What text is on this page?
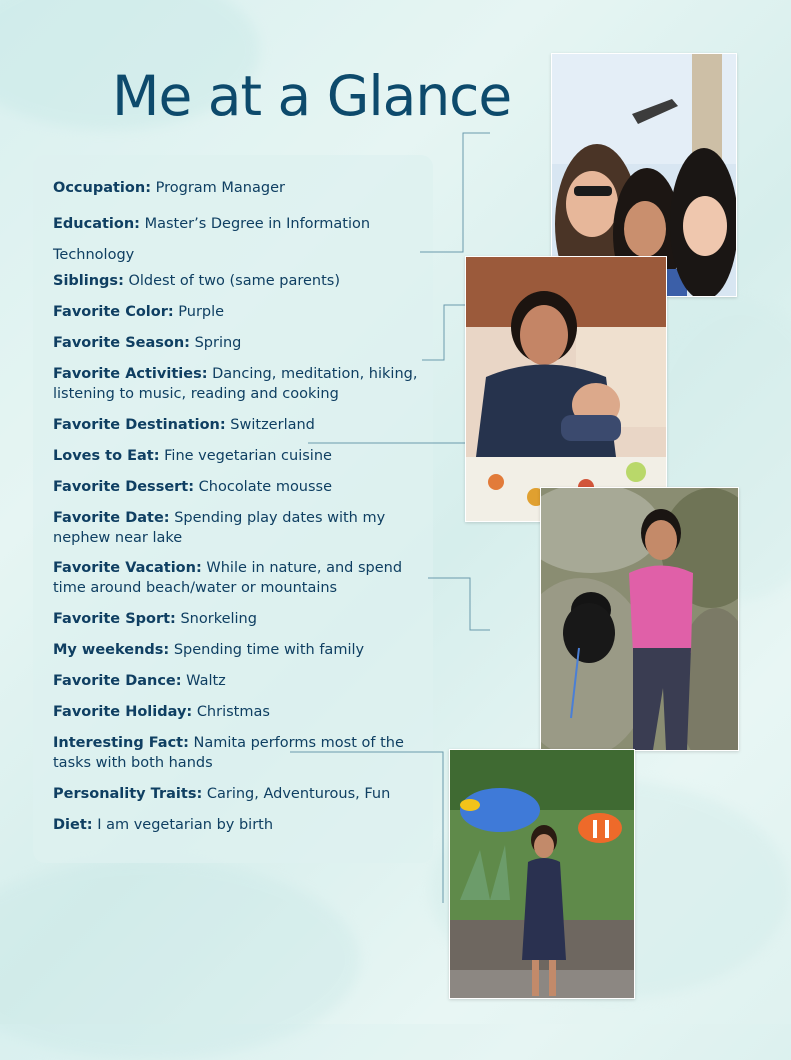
Me at a Glance

Occupation: Program Manager

Education: Master’s Degree in Information Technology

Siblings: Oldest of two (same parents)

Favorite Color: Purple

Favorite Season: Spring

Favorite Activities: Dancing, meditation, hiking, listening to music, reading and cooking

Favorite Destination: Switzerland

Loves to Eat: Fine vegetarian cuisine

Favorite Dessert: Chocolate mousse

Favorite Date: Spending play dates with my nephew near lake

Favorite Vacation: While in nature, and spend time around beach/water or mountains

Favorite Sport: Snorkeling

My weekends: Spending time with family

Favorite Dance: Waltz

Favorite Holiday: Christmas

Interesting Fact: Namita performs most of the tasks with both hands

Personality Traits: Caring, Adventurous, Fun

Diet: I am vegetarian by birth
